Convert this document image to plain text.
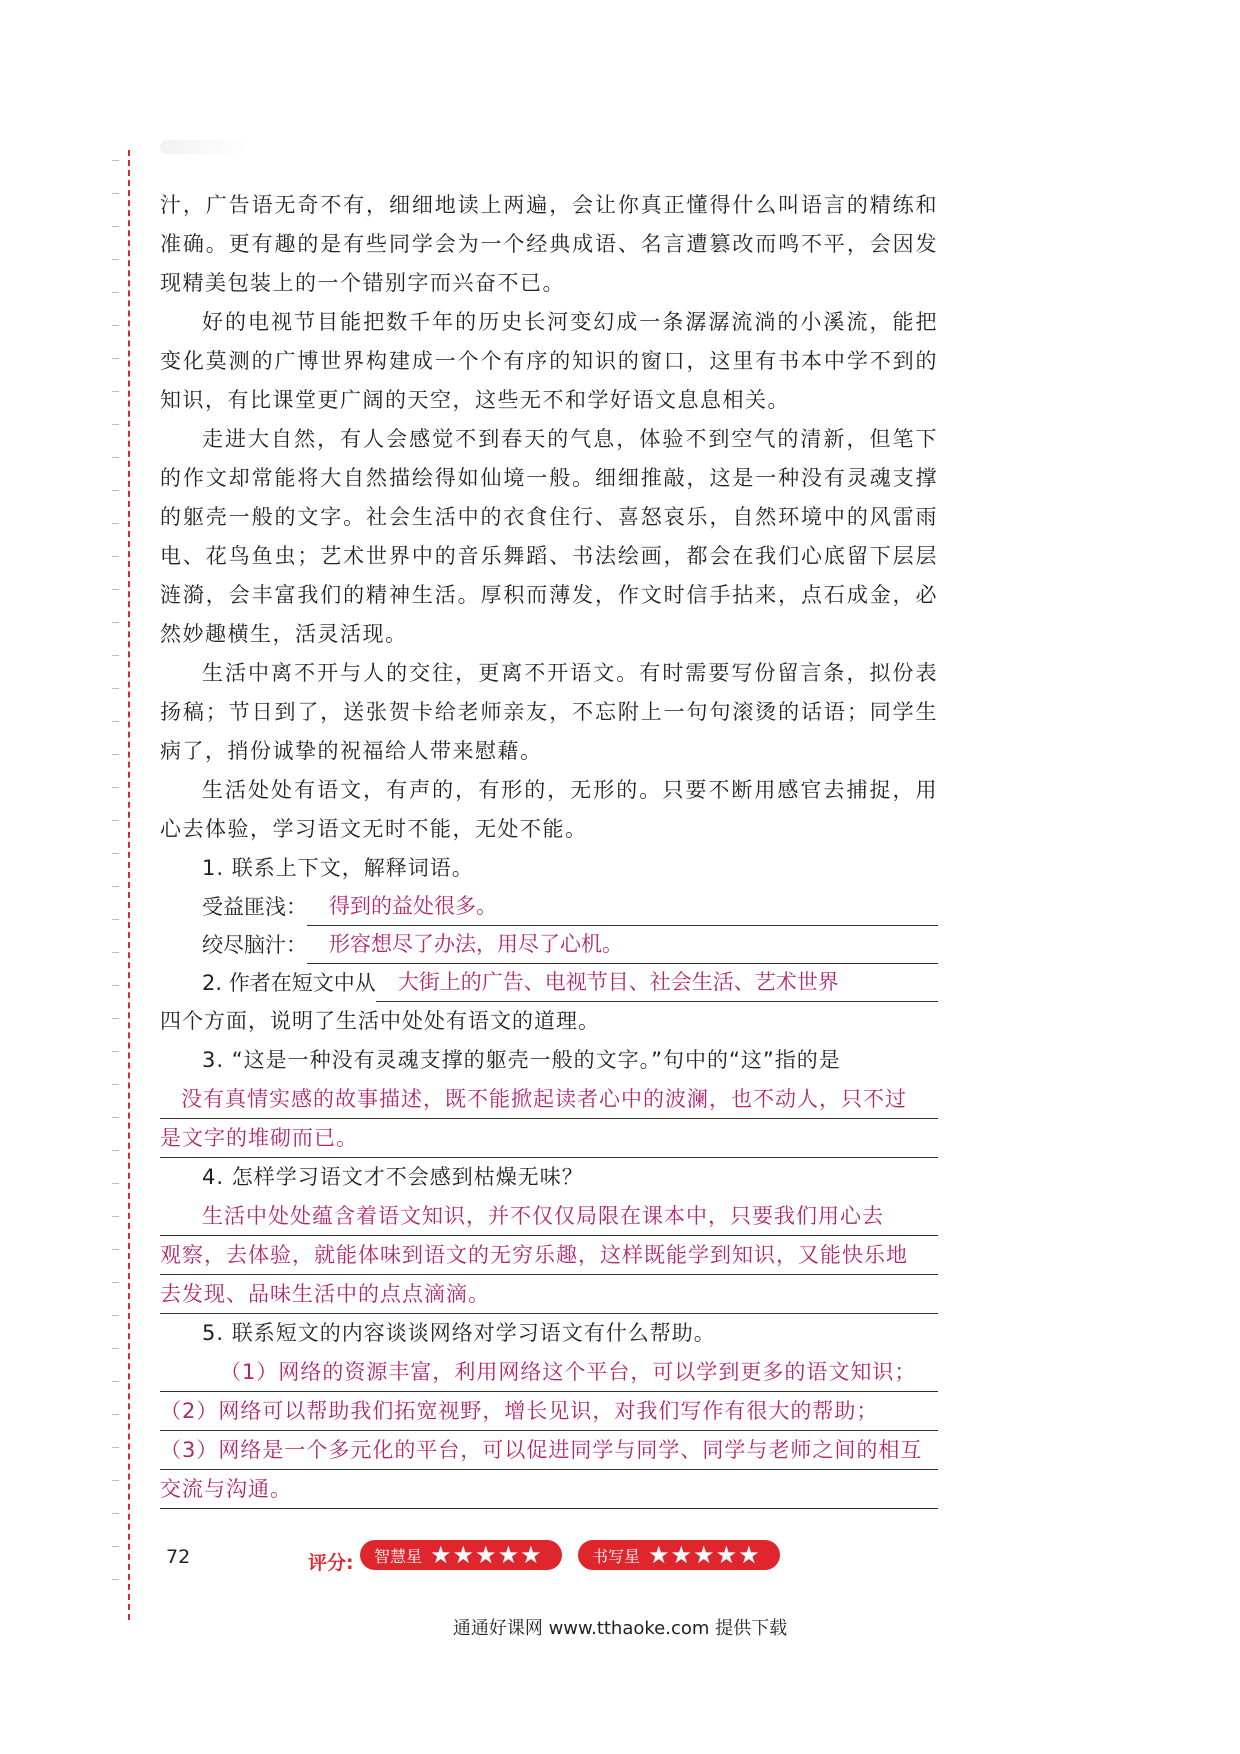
汁，广告语无奇不有，细细地读上两遍，会让你真正懂得什么叫语言的精练和准确。更有趣的是有些同学会为一个经典成语、名言遭篡改而鸣不平，会因发现精美包装上的一个错别字而兴奋不已。

好的电视节目能把数千年的历史长河变幻成一条潺潺流淌的小溪流，能把变化莫测的广博世界构建成一个个有序的知识的窗口，这里有书本中学不到的知识，有比课堂更广阔的天空，这些无不和学好语文息息相关。

走进大自然，有人会感觉不到春天的气息，体验不到空气的清新，但笔下的作文却常能将大自然描绘得如仙境一般。细细推敲，这是一种没有灵魂支撑的躯壳一般的文字。社会生活中的衣食住行、喜怒哀乐，自然环境中的风雷雨电、花鸟鱼虫；艺术世界中的音乐舞蹈、书法绘画，都会在我们心底留下层层涟漪，会丰富我们的精神生活。厚积而薄发，作文时信手拈来，点石成金，必然妙趣横生，活灵活现。

生活中离不开与人的交往，更离不开语文。有时需要写份留言条，拟份表扬稿；节日到了，送张贺卡给老师亲友，不忘附上一句句滚烫的话语；同学生病了，捎份诚挚的祝福给人带来慰藉。

生活处处有语文，有声的，有形的，无形的。只要不断用感官去捕捉，用心去体验，学习语文无时不能，无处不能。

1. 联系上下文，解释词语。

受益匪浅：	得到的益处很多。
绞尽脑汁：	形容想尽了办法，用尽了心机。
2. 作者在短文中从	大街上的广告、电视节目、社会生活、艺术世界

四个方面，说明了生活中处处有语文的道理。

3. “这是一种没有灵魂支撑的躯壳一般的文字。”句中的“这”指的是

没有真情实感的故事描述，既不能掀起读者心中的波澜，也不动人，只不过
是文字的堆砌而已。

4. 怎样学习语文才不会感到枯燥无味？

生活中处处蕴含着语文知识，并不仅仅局限在课本中，只要我们用心去
观察，去体验，就能体味到语文的无穷乐趣，这样既能学到知识，又能快乐地
去发现、品味生活中的点点滴滴。

5. 联系短文的内容谈谈网络对学习语文有什么帮助。

（1）网络的资源丰富，利用网络这个平台，可以学到更多的语文知识；
（2）网络可以帮助我们拓宽视野，增长见识，对我们写作有很大的帮助；
（3）网络是一个多元化的平台，可以促进同学与同学、同学与老师之间的相互
交流与沟通。
72	评分: 智慧星 ★★★★★	书写星 ★★★★★
通通好课网 www.tthaoke.com 提供下载
